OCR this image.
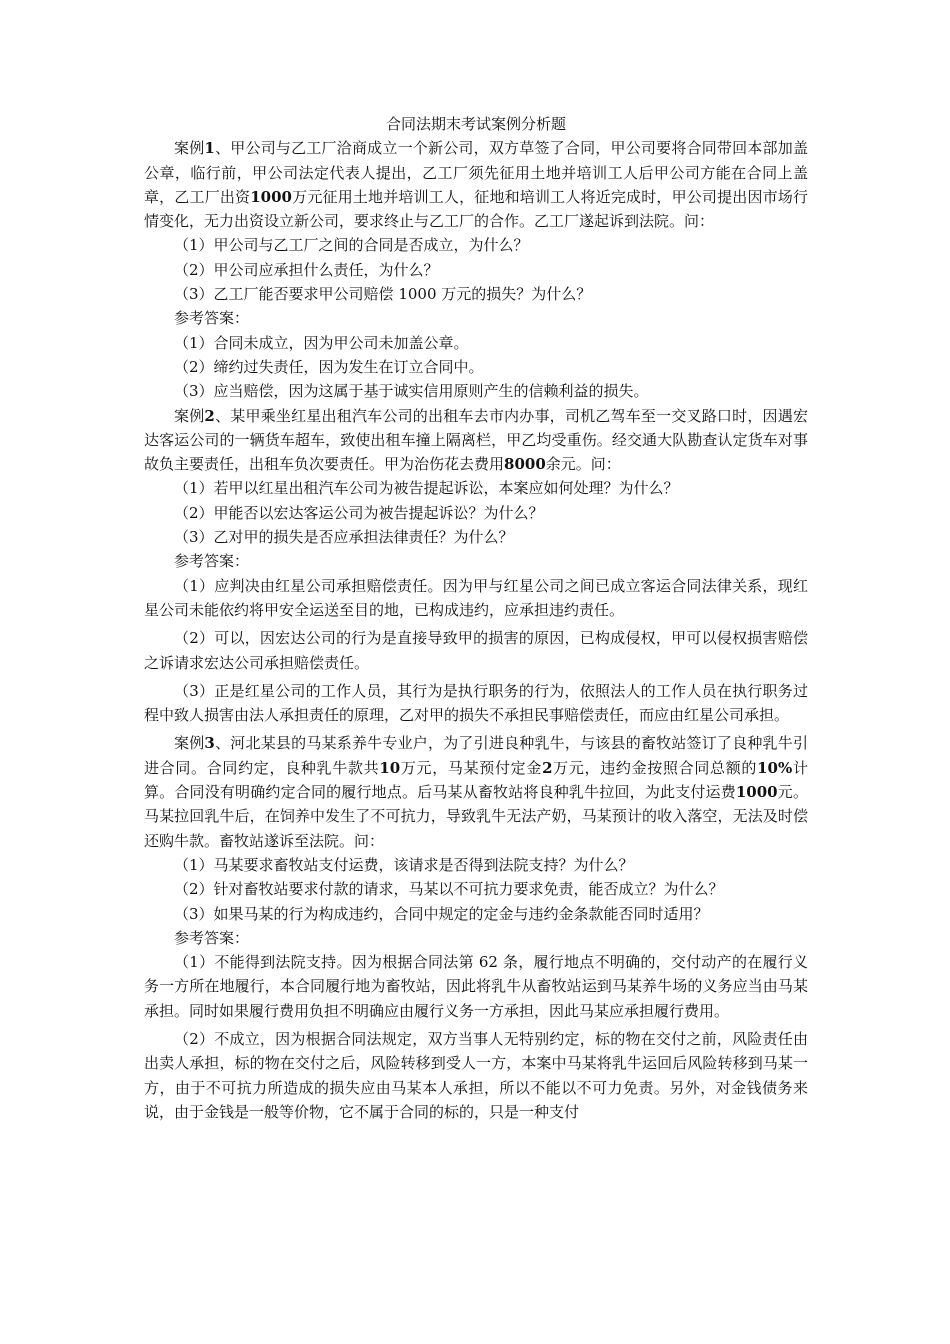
合同法期末考试案例分析题

案例1、甲公司与乙工厂洽商成立一个新公司，双方草签了合同，甲公司要将合同带回本部加盖公章，临行前，甲公司法定代表人提出，乙工厂须先征用土地并培训工人后甲公司方能在合同上盖章，乙工厂出资1000万元征用土地并培训工人，征地和培训工人将近完成时，甲公司提出因市场行情变化，无力出资设立新公司，要求终止与乙工厂的合作。乙工厂遂起诉到法院。问：

（1）甲公司与乙工厂之间的合同是否成立，为什么？

（2）甲公司应承担什么责任，为什么？

（3）乙工厂能否要求甲公司赔偿 1000 万元的损失？为什么？

参考答案：

（1）合同未成立，因为甲公司未加盖公章。

（2）缔约过失责任，因为发生在订立合同中。

（3）应当赔偿，因为这属于基于诚实信用原则产生的信赖利益的损失。

案例2、某甲乘坐红星出租汽车公司的出租车去市内办事，司机乙驾车至一交叉路口时，因遇宏达客运公司的一辆货车超车，致使出租车撞上隔离栏，甲乙均受重伤。经交通大队勘查认定货车对事故负主要责任，出租车负次要责任。甲为治伤花去费用8000余元。问：

（1）若甲以红星出租汽车公司为被告提起诉讼，本案应如何处理？为什么？

（2）甲能否以宏达客运公司为被告提起诉讼？为什么？

（3）乙对甲的损失是否应承担法律责任？为什么？

参考答案：

（1）应判决由红星公司承担赔偿责任。因为甲与红星公司之间已成立客运合同法律关系，现红星公司未能依约将甲安全运送至目的地，已构成违约，应承担违约责任。

（2）可以，因宏达公司的行为是直接导致甲的损害的原因，已构成侵权，甲可以侵权损害赔偿之诉请求宏达公司承担赔偿责任。

（3）正是红星公司的工作人员，其行为是执行职务的行为，依照法人的工作人员在执行职务过程中致人损害由法人承担责任的原理，乙对甲的损失不承担民事赔偿责任，而应由红星公司承担。

案例3、河北某县的马某系养牛专业户，为了引进良种乳牛，与该县的畜牧站签订了良种乳牛引进合同。合同约定，良种乳牛款共10万元，马某预付定金2万元，违约金按照合同总额的10%计算。合同没有明确约定合同的履行地点。后马某从畜牧站将良种乳牛拉回，为此支付运费1000元。马某拉回乳牛后，在饲养中发生了不可抗力，导致乳牛无法产奶，马某预计的收入落空，无法及时偿还购牛款。畜牧站遂诉至法院。问：

（1）马某要求畜牧站支付运费，该请求是否得到法院支持？为什么？

（2）针对畜牧站要求付款的请求，马某以不可抗力要求免责，能否成立？为什么？

（3）如果马某的行为构成违约，合同中规定的定金与违约金条款能否同时适用？

参考答案：

（1）不能得到法院支持。因为根据合同法第 62 条，履行地点不明确的，交付动产的在履行义务一方所在地履行，本合同履行地为畜牧站，因此将乳牛从畜牧站运到马某养牛场的义务应当由马某承担。同时如果履行费用负担不明确应由履行义务一方承担，因此马某应承担履行费用。

（2）不成立，因为根据合同法规定，双方当事人无特别约定，标的物在交付之前，风险责任由出卖人承担，标的物在交付之后，风险转移到受人一方，本案中马某将乳牛运回后风险转移到马某一方，由于不可抗力所造成的损失应由马某本人承担，所以不能以不可力免责。另外，对金钱债务来说，由于金钱是一般等价物，它不属于合同的标的，只是一种支付
